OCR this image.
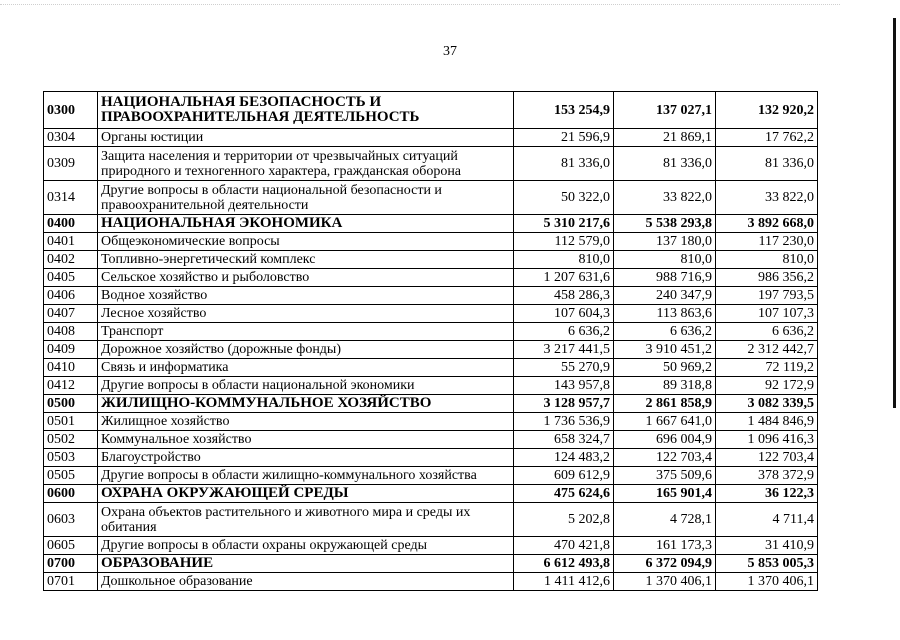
37
0300	НАЦИОНАЛЬНАЯ БЕЗОПАСНОСТЬ И ПРАВООХРАНИТЕЛЬНАЯ ДЕЯТЕЛЬНОСТЬ	153 254,9	137 027,1	132 920,2
0304	Органы юстиции	21 596,9	21 869,1	17 762,2
0309	Защита населения и территории от чрезвычайных ситуаций природного и техногенного характера, гражданская оборона	81 336,0	81 336,0	81 336,0
0314	Другие вопросы в области национальной безопасности и правоохранительной деятельности	50 322,0	33 822,0	33 822,0
0400	НАЦИОНАЛЬНАЯ ЭКОНОМИКА	5 310 217,6	5 538 293,8	3 892 668,0
0401	Общеэкономические вопросы	112 579,0	137 180,0	117 230,0
0402	Топливно-энергетический комплекс	810,0	810,0	810,0
0405	Сельское хозяйство и рыболовство	1 207 631,6	988 716,9	986 356,2
0406	Водное хозяйство	458 286,3	240 347,9	197 793,5
0407	Лесное хозяйство	107 604,3	113 863,6	107 107,3
0408	Транспорт	6 636,2	6 636,2	6 636,2
0409	Дорожное хозяйство (дорожные фонды)	3 217 441,5	3 910 451,2	2 312 442,7
0410	Связь и информатика	55 270,9	50 969,2	72 119,2
0412	Другие вопросы в области национальной экономики	143 957,8	89 318,8	92 172,9
0500	ЖИЛИЩНО-КОММУНАЛЬНОЕ ХОЗЯЙСТВО	3 128 957,7	2 861 858,9	3 082 339,5
0501	Жилищное хозяйство	1 736 536,9	1 667 641,0	1 484 846,9
0502	Коммунальное хозяйство	658 324,7	696 004,9	1 096 416,3
0503	Благоустройство	124 483,2	122 703,4	122 703,4
0505	Другие вопросы в области жилищно-коммунального хозяйства	609 612,9	375 509,6	378 372,9
0600	ОХРАНА ОКРУЖАЮЩЕЙ СРЕДЫ	475 624,6	165 901,4	36 122,3
0603	Охрана объектов растительного и животного мира и среды их обитания	5 202,8	4 728,1	4 711,4
0605	Другие вопросы в области охраны окружающей среды	470 421,8	161 173,3	31 410,9
0700	ОБРАЗОВАНИЕ	6 612 493,8	6 372 094,9	5 853 005,3
0701	Дошкольное образование	1 411 412,6	1 370 406,1	1 370 406,1
